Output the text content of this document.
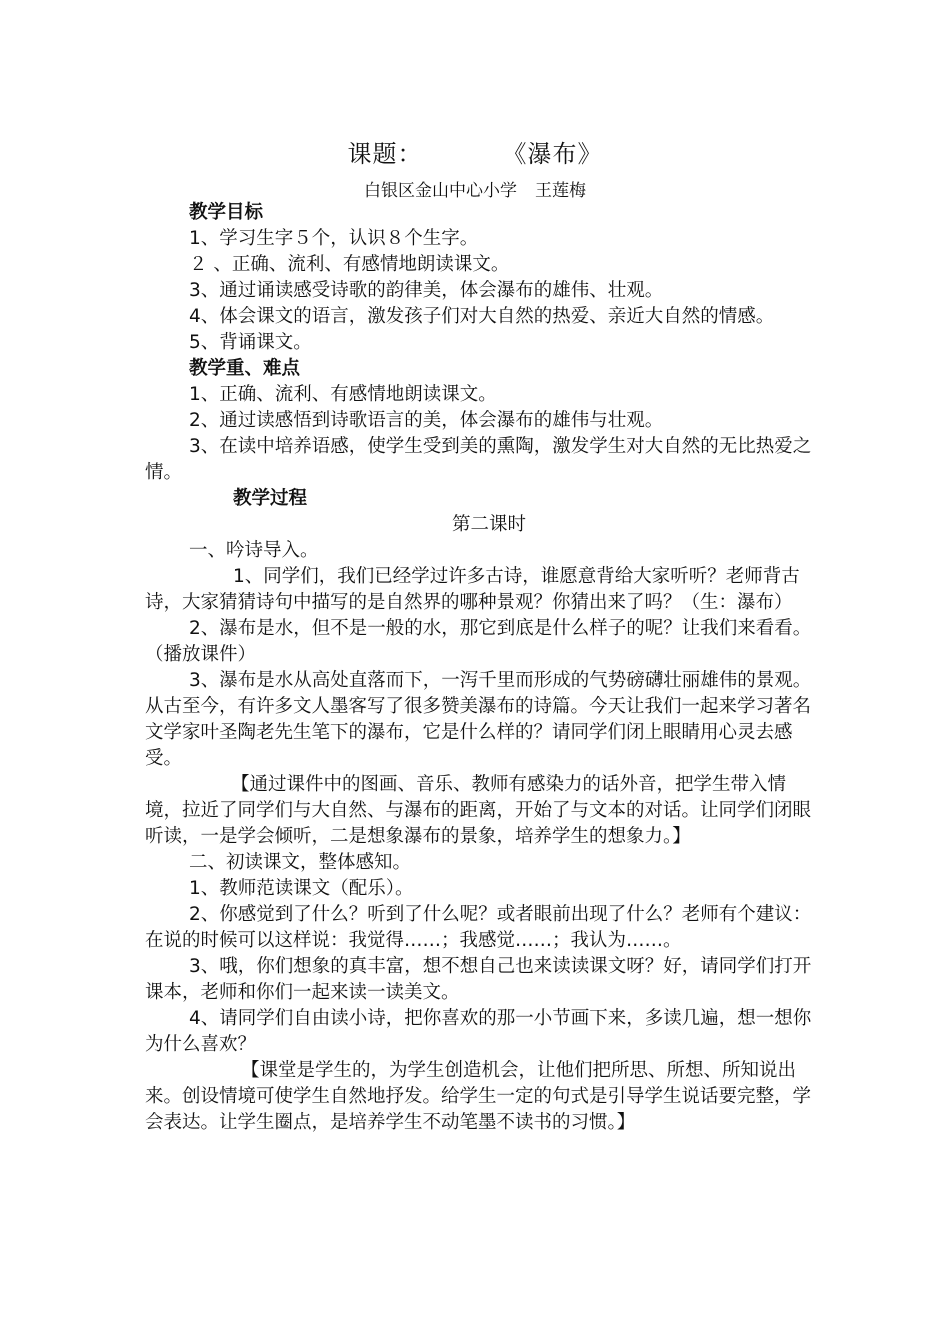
课题：	《瀑布》
白银区金山中心小学 王莲梅

教学目标

1、学习生字５个，认识８个生字。

２ 、正确、流利、有感情地朗读课文。

3、通过诵读感受诗歌的韵律美，体会瀑布的雄伟、壮观。

4、体会课文的语言，激发孩子们对大自然的热爱、亲近大自然的情感。

5、背诵课文。

教学重、难点

1、正确、流利、有感情地朗读课文。

2、通过读感悟到诗歌语言的美，体会瀑布的雄伟与壮观。

3、在读中培养语感，使学生受到美的熏陶，激发学生对大自然的无比热爱之情。

教学过程

第二课时

一、吟诗导入。

1、同学们，我们已经学过许多古诗，谁愿意背给大家听听？老师背古诗，大家猜猜诗句中描写的是自然界的哪种景观？你猜出来了吗？（生：瀑布）

2、瀑布是水，但不是一般的水，那它到底是什么样子的呢？让我们来看看。（播放课件）

3、瀑布是水从高处直落而下，一泻千里而形成的气势磅礴壮丽雄伟的景观。从古至今，有许多文人墨客写了很多赞美瀑布的诗篇。今天让我们一起来学习著名文学家叶圣陶老先生笔下的瀑布，它是什么样的？请同学们闭上眼睛用心灵去感受。

【通过课件中的图画、音乐、教师有感染力的话外音，把学生带入情境，拉近了同学们与大自然、与瀑布的距离，开始了与文本的对话。让同学们闭眼听读，一是学会倾听，二是想象瀑布的景象，培养学生的想象力。】

二、初读课文，整体感知。

1、教师范读课文（配乐）。

2、你感觉到了什么？听到了什么呢？或者眼前出现了什么？老师有个建议：在说的时候可以这样说：我觉得……；我感觉……；我认为……。

3、哦，你们想象的真丰富，想不想自己也来读读课文呀？好，请同学们打开课本，老师和你们一起来读一读美文。

4、请同学们自由读小诗，把你喜欢的那一小节画下来，多读几遍，想一想你为什么喜欢？

【课堂是学生的，为学生创造机会，让他们把所思、所想、所知说出来。创设情境可使学生自然地抒发。给学生一定的句式是引导学生说话要完整，学会表达。让学生圈点，是培养学生不动笔墨不读书的习惯。】
